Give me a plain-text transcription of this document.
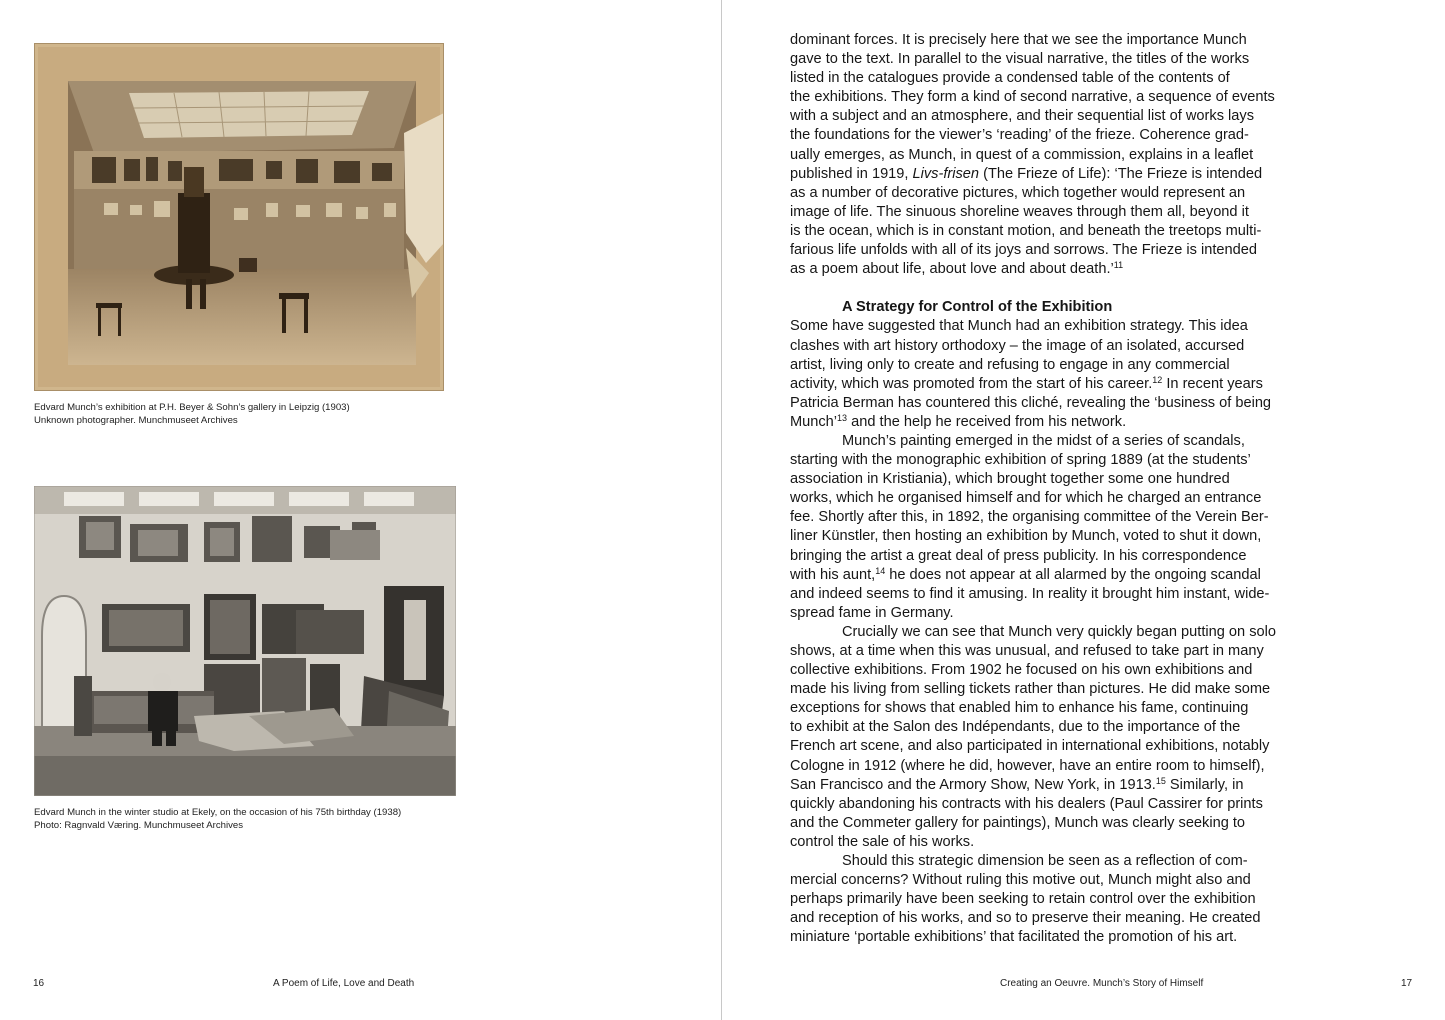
Edvard Munch’s exhibition at P.H. Beyer & Sohn’s gallery in Leipzig (1903)
Unknown photographer. Munchmuseet Archives
Edvard Munch in the winter studio at Ekely, on the occasion of his 75th birthday (1938)
Photo: Ragnvald Væring. Munchmuseet Archives
16	A Poem of Life, Love and Death
dominant forces. It is precisely here that we see the importance Munch
gave to the text. In parallel to the visual narrative, the titles of the works
listed in the catalogues provide a condensed table of the contents of
the exhibitions. They form a kind of second narrative, a sequence of events
with a subject and an atmosphere, and their sequential list of works lays
the foundations for the viewer’s ‘reading’ of the frieze. Coherence grad-
ually emerges, as Munch, in quest of a commission, explains in a leaflet
published in 1919, Livs-frisen (The Frieze of Life): ‘The Frieze is intended
as a number of decorative pictures, which together would represent an
image of life. The sinuous shoreline weaves through them all, beyond it
is the ocean, which is in constant motion, and beneath the treetops multi-
farious life unfolds with all of its joys and sorrows. The Frieze is intended
as a poem about life, about love and about death.’$^{11}$
A Strategy for Control of the Exhibition
Some have suggested that Munch had an exhibition strategy. This idea
clashes with art history orthodoxy – the image of an isolated, accursed
artist, living only to create and refusing to engage in any commercial
activity, which was promoted from the start of his career.$^{12}$ In recent years
Patricia Berman has countered this cliché, revealing the ‘business of being
Munch’$^{13}$ and the help he received from his network.
Munch’s painting emerged in the midst of a series of scandals,
starting with the monographic exhibition of spring 1889 (at the students’
association in Kristiania), which brought together some one hundred
works, which he organised himself and for which he charged an entrance
fee. Shortly after this, in 1892, the organising committee of the Verein Ber-
liner Künstler, then hosting an exhibition by Munch, voted to shut it down,
bringing the artist a great deal of press publicity. In his correspondence
with his aunt,$^{14}$ he does not appear at all alarmed by the ongoing scandal
and indeed seems to find it amusing. In reality it brought him instant, wide-
spread fame in Germany.
Crucially we can see that Munch very quickly began putting on solo
shows, at a time when this was unusual, and refused to take part in many
collective exhibitions. From 1902 he focused on his own exhibitions and
made his living from selling tickets rather than pictures. He did make some
exceptions for shows that enabled him to enhance his fame, continuing
to exhibit at the Salon des Indépendants, due to the importance of the
French art scene, and also participated in international exhibitions, notably
Cologne in 1912 (where he did, however, have an entire room to himself),
San Francisco and the Armory Show, New York, in 1913.15 Similarly, in
quickly abandoning his contracts with his dealers (Paul Cassirer for prints
and the Commeter gallery for paintings), Munch was clearly seeking to
control the sale of his works.
Should this strategic dimension be seen as a reflection of com-
mercial concerns? Without ruling this motive out, Munch might also and
perhaps primarily have been seeking to retain control over the exhibition
and reception of his works, and so to preserve their meaning. He created
miniature ‘portable exhibitions’ that facilitated the promotion of his art.
Creating an Oeuvre. Munch’s Story of Himself	17
